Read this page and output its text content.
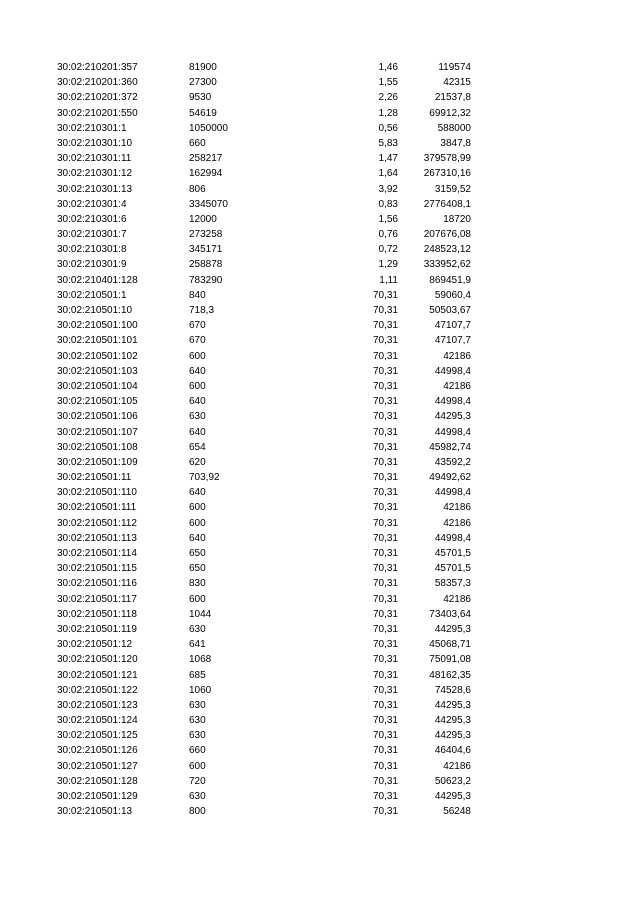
30:02:210201:357	81900	1,46	119574
30:02:210201:360	27300	1,55	42315
30:02:210201:372	9530	2,26	21537,8
30:02:210201:550	54619	1,28	69912,32
30:02:210301:1	1050000	0,56	588000
30:02:210301:10	660	5,83	3847,8
30:02:210301:11	258217	1,47	379578,99
30:02:210301:12	162994	1,64	267310,16
30:02:210301:13	806	3,92	3159,52
30:02:210301:4	3345070	0,83	2776408,1
30:02:210301:6	12000	1,56	18720
30:02:210301:7	273258	0,76	207676,08
30:02:210301:8	345171	0,72	248523,12
30:02:210301:9	258878	1,29	333952,62
30:02:210401:128	783290	1,11	869451,9
30:02:210501:1	840	70,31	59060,4
30:02:210501:10	718,3	70,31	50503,67
30:02:210501:100	670	70,31	47107,7
30:02:210501:101	670	70,31	47107,7
30:02:210501:102	600	70,31	42186
30:02:210501:103	640	70,31	44998,4
30:02:210501:104	600	70,31	42186
30:02:210501:105	640	70,31	44998,4
30:02:210501:106	630	70,31	44295,3
30:02:210501:107	640	70,31	44998,4
30:02:210501:108	654	70,31	45982,74
30:02:210501:109	620	70,31	43592,2
30:02:210501:11	703,92	70,31	49492,62
30:02:210501:110	640	70,31	44998,4
30:02:210501:111	600	70,31	42186
30:02:210501:112	600	70,31	42186
30:02:210501:113	640	70,31	44998,4
30:02:210501:114	650	70,31	45701,5
30:02:210501:115	650	70,31	45701,5
30:02:210501:116	830	70,31	58357,3
30:02:210501:117	600	70,31	42186
30:02:210501:118	1044	70,31	73403,64
30:02:210501:119	630	70,31	44295,3
30:02:210501:12	641	70,31	45068,71
30:02:210501:120	1068	70,31	75091,08
30:02:210501:121	685	70,31	48162,35
30:02:210501:122	1060	70,31	74528,6
30:02:210501:123	630	70,31	44295,3
30:02:210501:124	630	70,31	44295,3
30:02:210501:125	630	70,31	44295,3
30:02:210501:126	660	70,31	46404,6
30:02:210501:127	600	70,31	42186
30:02:210501:128	720	70,31	50623,2
30:02:210501:129	630	70,31	44295,3
30:02:210501:13	800	70,31	56248
